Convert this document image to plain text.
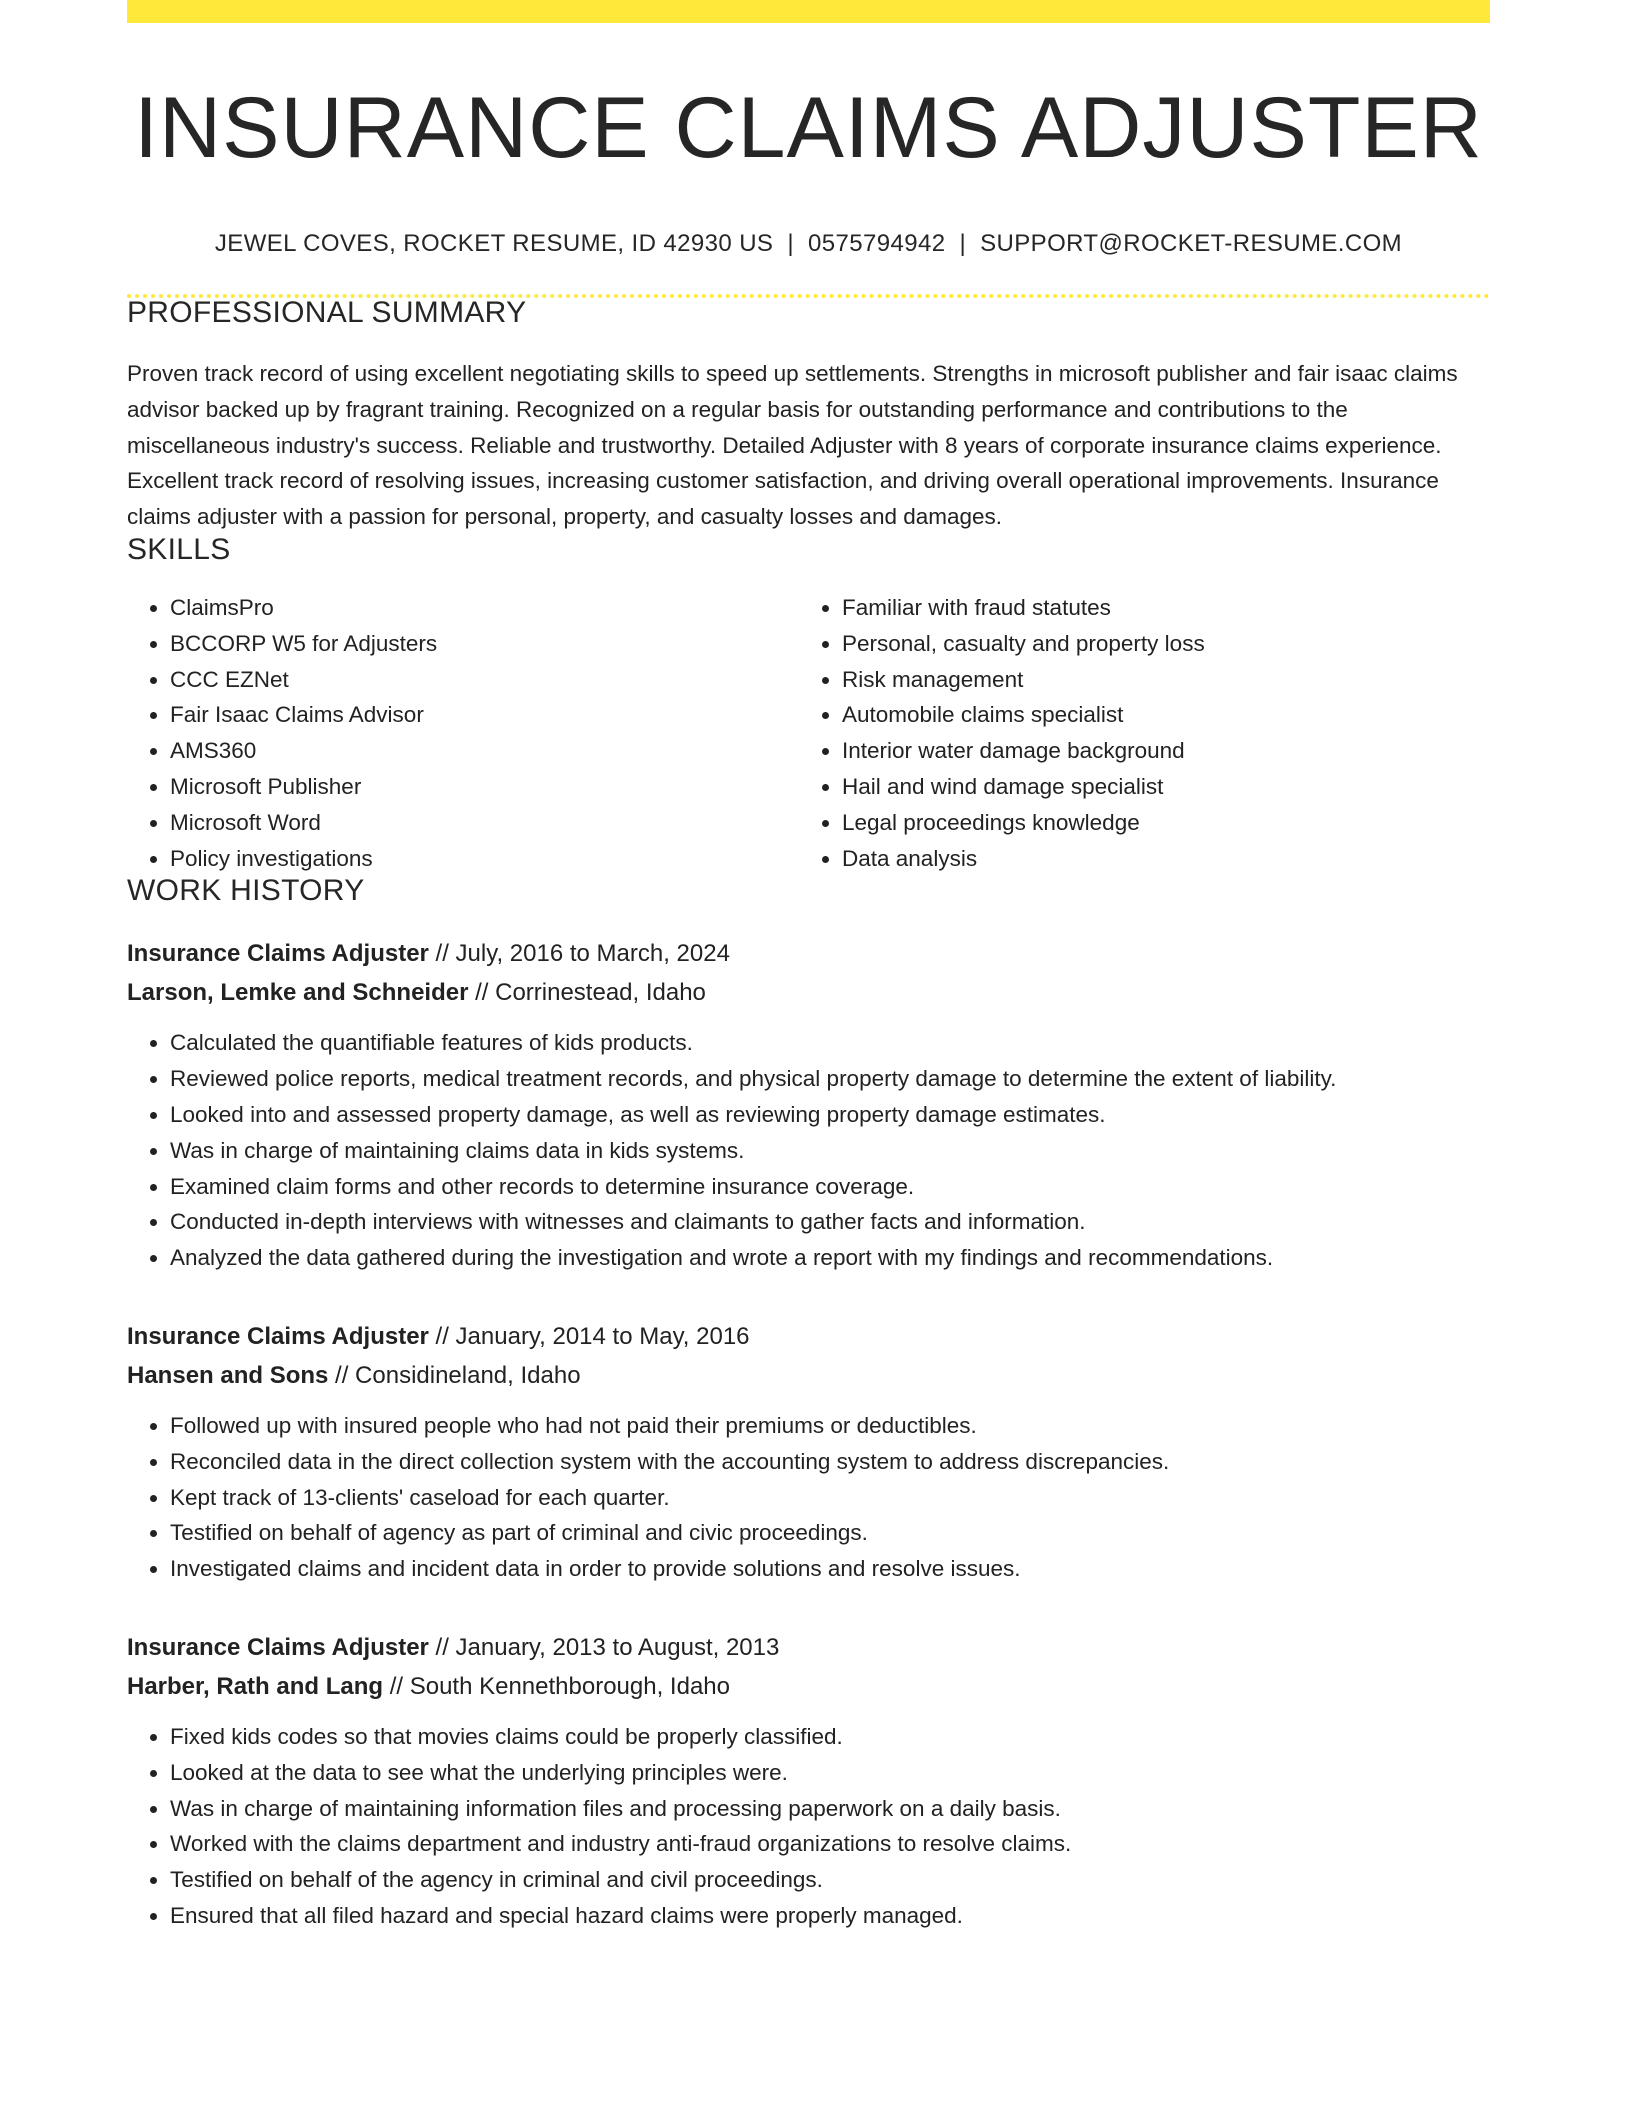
INSURANCE CLAIMS ADJUSTER
JEWEL COVES, ROCKET RESUME, ID 42930 US | 0575794942 | SUPPORT@ROCKET-RESUME.COM
PROFESSIONAL SUMMARY

Proven track record of using excellent negotiating skills to speed up settlements. Strengths in microsoft publisher and fair isaac claims advisor backed up by fragrant training. Recognized on a regular basis for outstanding performance and contributions to the miscellaneous industry's success. Reliable and trustworthy. Detailed Adjuster with 8 years of corporate insurance claims experience. Excellent track record of resolving issues, increasing customer satisfaction, and driving overall operational improvements. Insurance claims adjuster with a passion for personal, property, and casualty losses and damages.

SKILLS
• ClaimsPro
• BCCORP W5 for Adjusters
• CCC EZNet
• Fair Isaac Claims Advisor
• AMS360
• Microsoft Publisher
• Microsoft Word
• Policy investigations
• Familiar with fraud statutes
• Personal, casualty and property loss
• Risk management
• Automobile claims specialist
• Interior water damage background
• Hail and wind damage specialist
• Legal proceedings knowledge
• Data analysis
WORK HISTORY
Insurance Claims Adjuster // July, 2016 to March, 2024
Larson, Lemke and Schneider // Corrinestead, Idaho
• Calculated the quantifiable features of kids products.
• Reviewed police reports, medical treatment records, and physical property damage to determine the extent of liability.
• Looked into and assessed property damage, as well as reviewing property damage estimates.
• Was in charge of maintaining claims data in kids systems.
• Examined claim forms and other records to determine insurance coverage.
• Conducted in-depth interviews with witnesses and claimants to gather facts and information.
• Analyzed the data gathered during the investigation and wrote a report with my findings and recommendations.
Insurance Claims Adjuster // January, 2014 to May, 2016
Hansen and Sons // Considineland, Idaho
• Followed up with insured people who had not paid their premiums or deductibles.
• Reconciled data in the direct collection system with the accounting system to address discrepancies.
• Kept track of 13-clients' caseload for each quarter.
• Testified on behalf of agency as part of criminal and civic proceedings.
• Investigated claims and incident data in order to provide solutions and resolve issues.
Insurance Claims Adjuster // January, 2013 to August, 2013
Harber, Rath and Lang // South Kennethborough, Idaho
• Fixed kids codes so that movies claims could be properly classified.
• Looked at the data to see what the underlying principles were.
• Was in charge of maintaining information files and processing paperwork on a daily basis.
• Worked with the claims department and industry anti-fraud organizations to resolve claims.
• Testified on behalf of the agency in criminal and civil proceedings.
• Ensured that all filed hazard and special hazard claims were properly managed.
